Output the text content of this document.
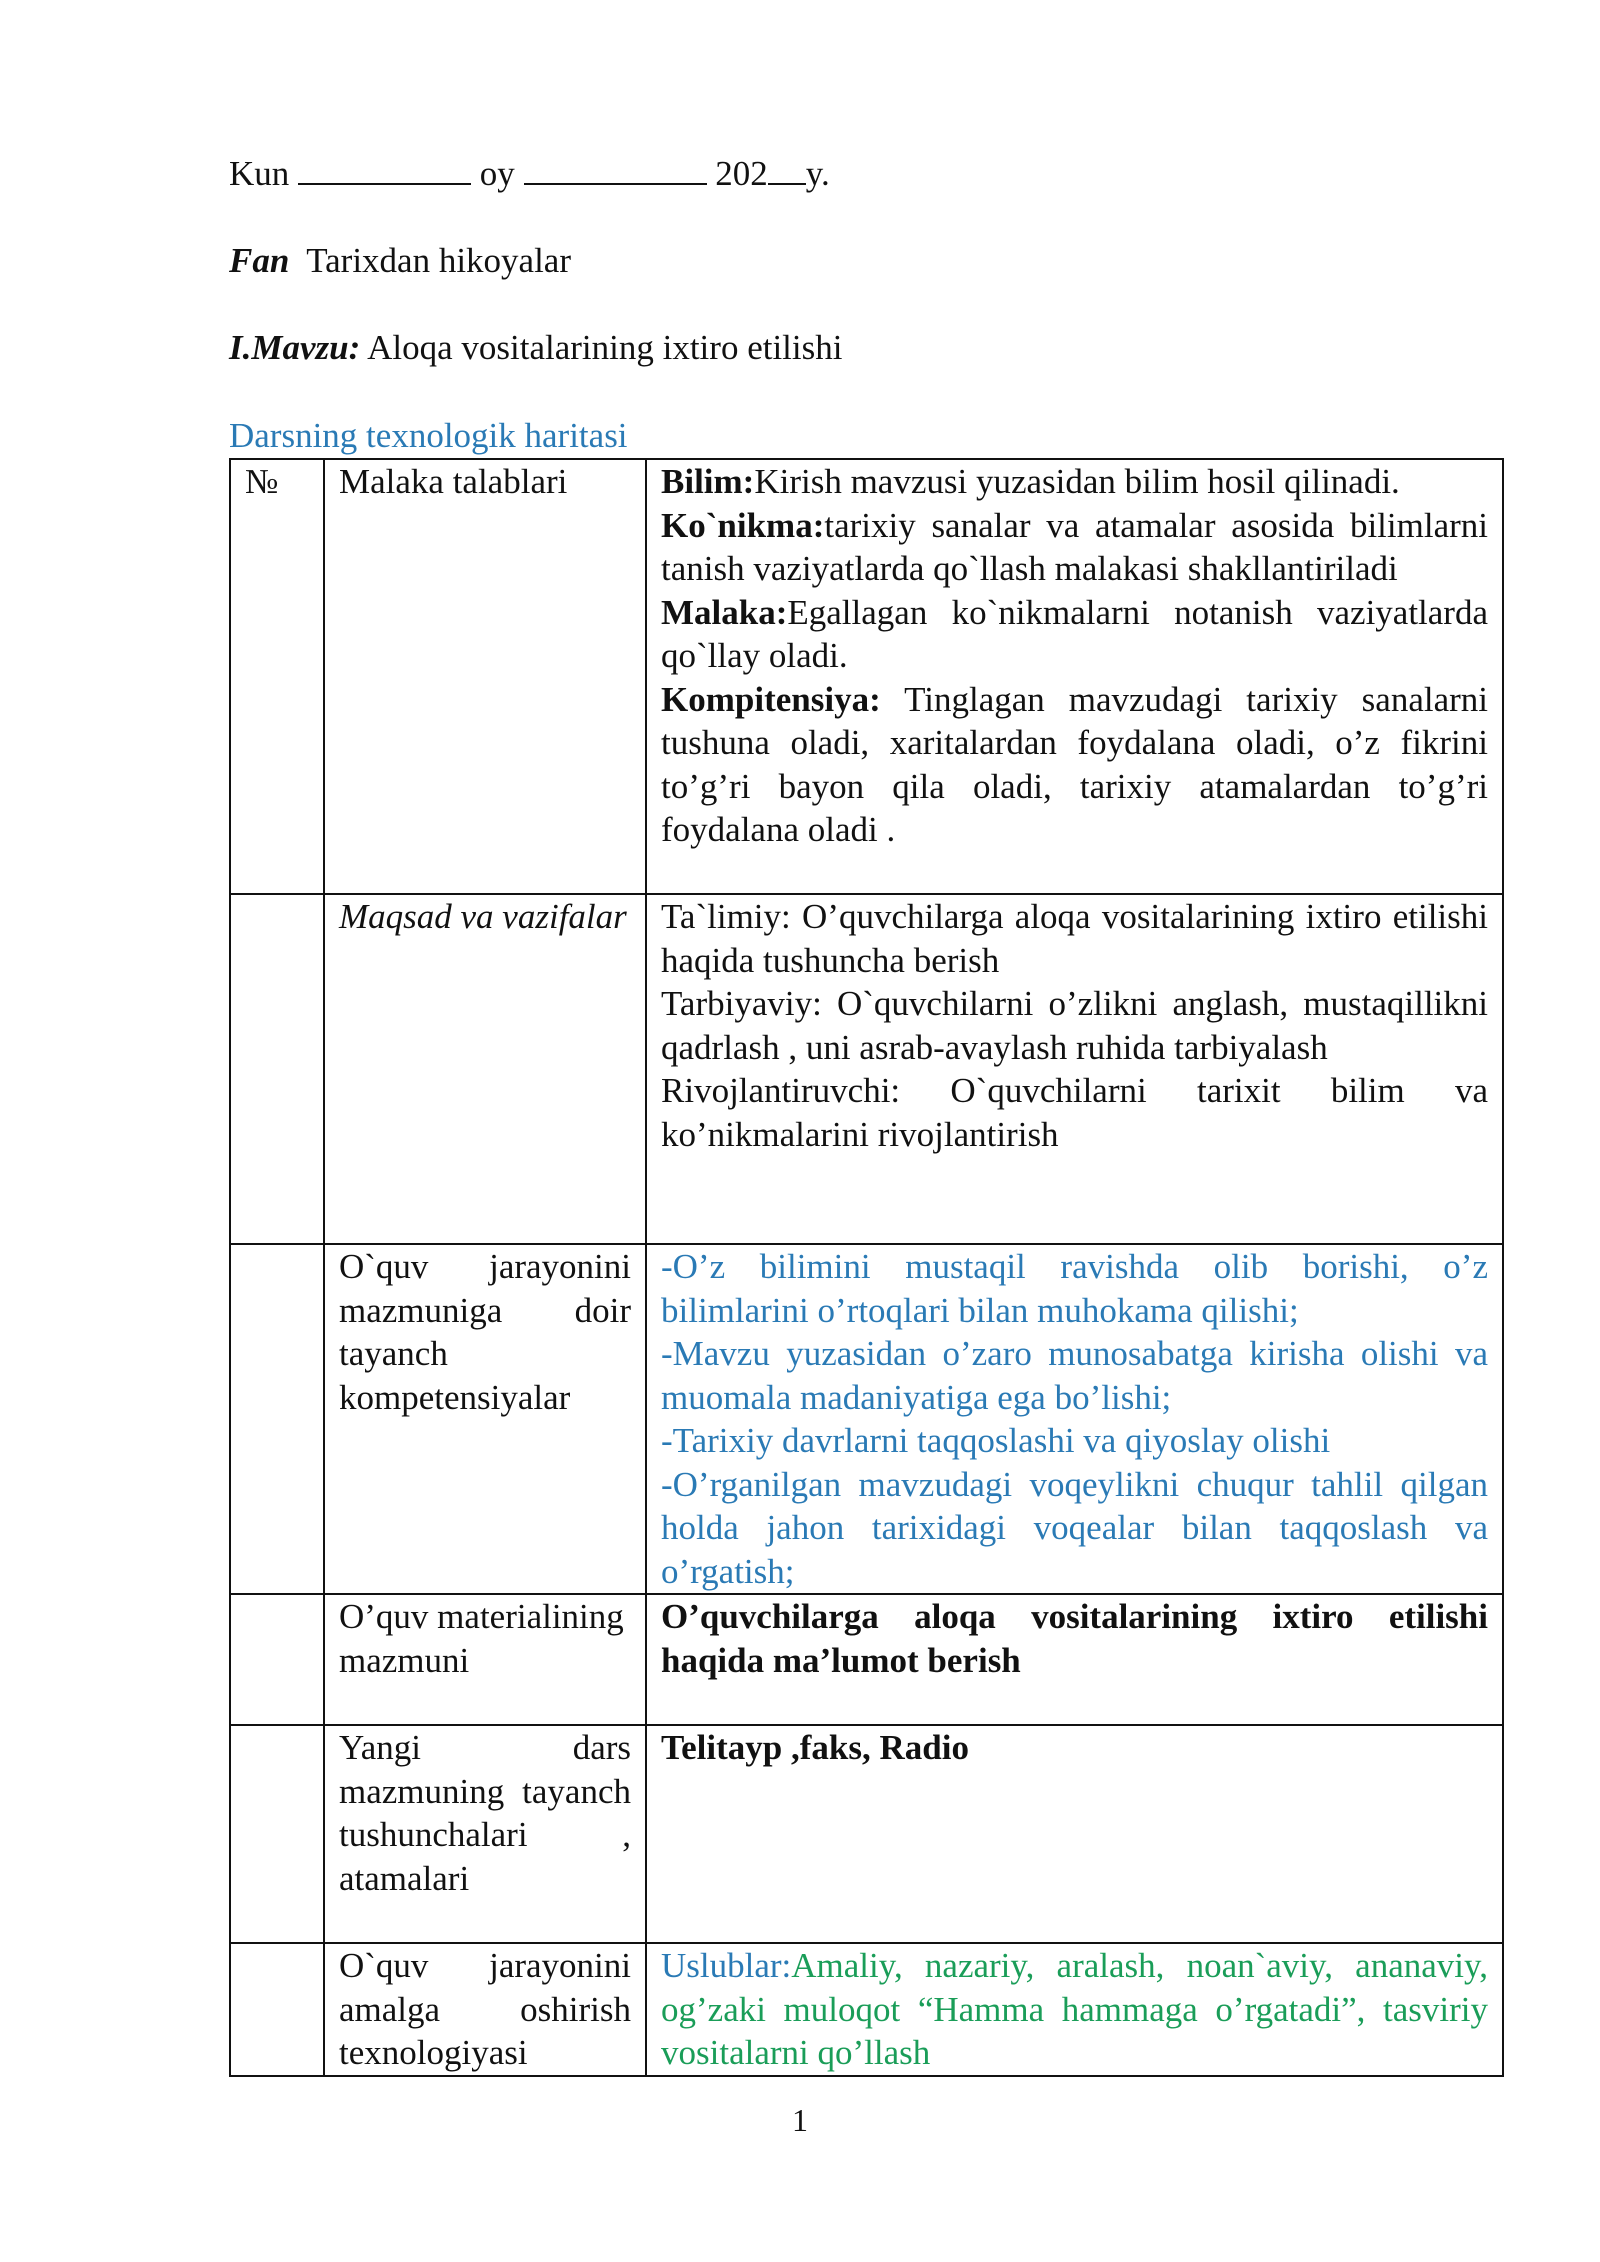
Kun	oy	202 y.
Fan Tarixdan hikoyalar
I.Mavzu: Aloqa vositalarining ixtiro etilishi
Darsning texnologik haritasi
№	Malaka talablari	Bilim:Kirish mavzusi yuzasidan bilim hosil qilinadi.
Ko`nikma:tarixiy sanalar va atamalar asosida bilimlarni tanish vaziyatlarda qo`llash malakasi shakllantiriladi
Malaka:Egallagan ko`nikmalarni notanish vaziyatlarda qo`llay oladi.
Kompitensiya: Tinglagan mavzudagi tarixiy sanalarni tushuna oladi, xaritalardan foydalana oladi, o’z fikrini to’g’ri bayon qila oladi, tarixiy atamalardan to’g’ri foydalana oladi .

	Maqsad va vazifalar	Ta`limiy: O’quvchilarga aloqa vositalarining ixtiro etilishi haqida tushuncha berish
Tarbiyaviy: O`quvchilarni o’zlikni anglash, mustaqillikni qadrlash , uni asrab-avaylash ruhida tarbiyalash
Rivojlantiruvchi: O`quvchilarni tarixit bilim va ko’nikmalarini rivojlantirish

	O`quv jarayonini mazmuniga doir tayanch kompetensiyalar	-O’z bilimini mustaqil ravishda olib borishi, o’z bilimlarini o’rtoqlari bilan muhokama qilishi;
-Mavzu yuzasidan o’zaro munosabatga kirisha olishi va muomala madaniyatiga ega bo’lishi;
-Tarixiy davrlarni taqqoslashi va qiyoslay olishi
-O’rganilgan mavzudagi voqeylikni chuqur tahlil qilgan holda jahon tarixidagi voqealar bilan taqqoslash va o’rgatish;

	O’quv materialining mazmuni	O’quvchilarga aloqa vositalarining ixtiro etilishi haqida ma’lumot berish
	Yangi dars mazmuning tayanch tushunchalari , atamalari	Telitayp ,faks, Radio
	O`quv jarayonini amalga oshirish texnologiyasi	Uslublar:Amaliy, nazariy, aralash, noan`aviy, ananaviy, og’zaki muloqot “Hamma hammaga o’rgatadi”, tasviriy vositalarni qo’llash
1
